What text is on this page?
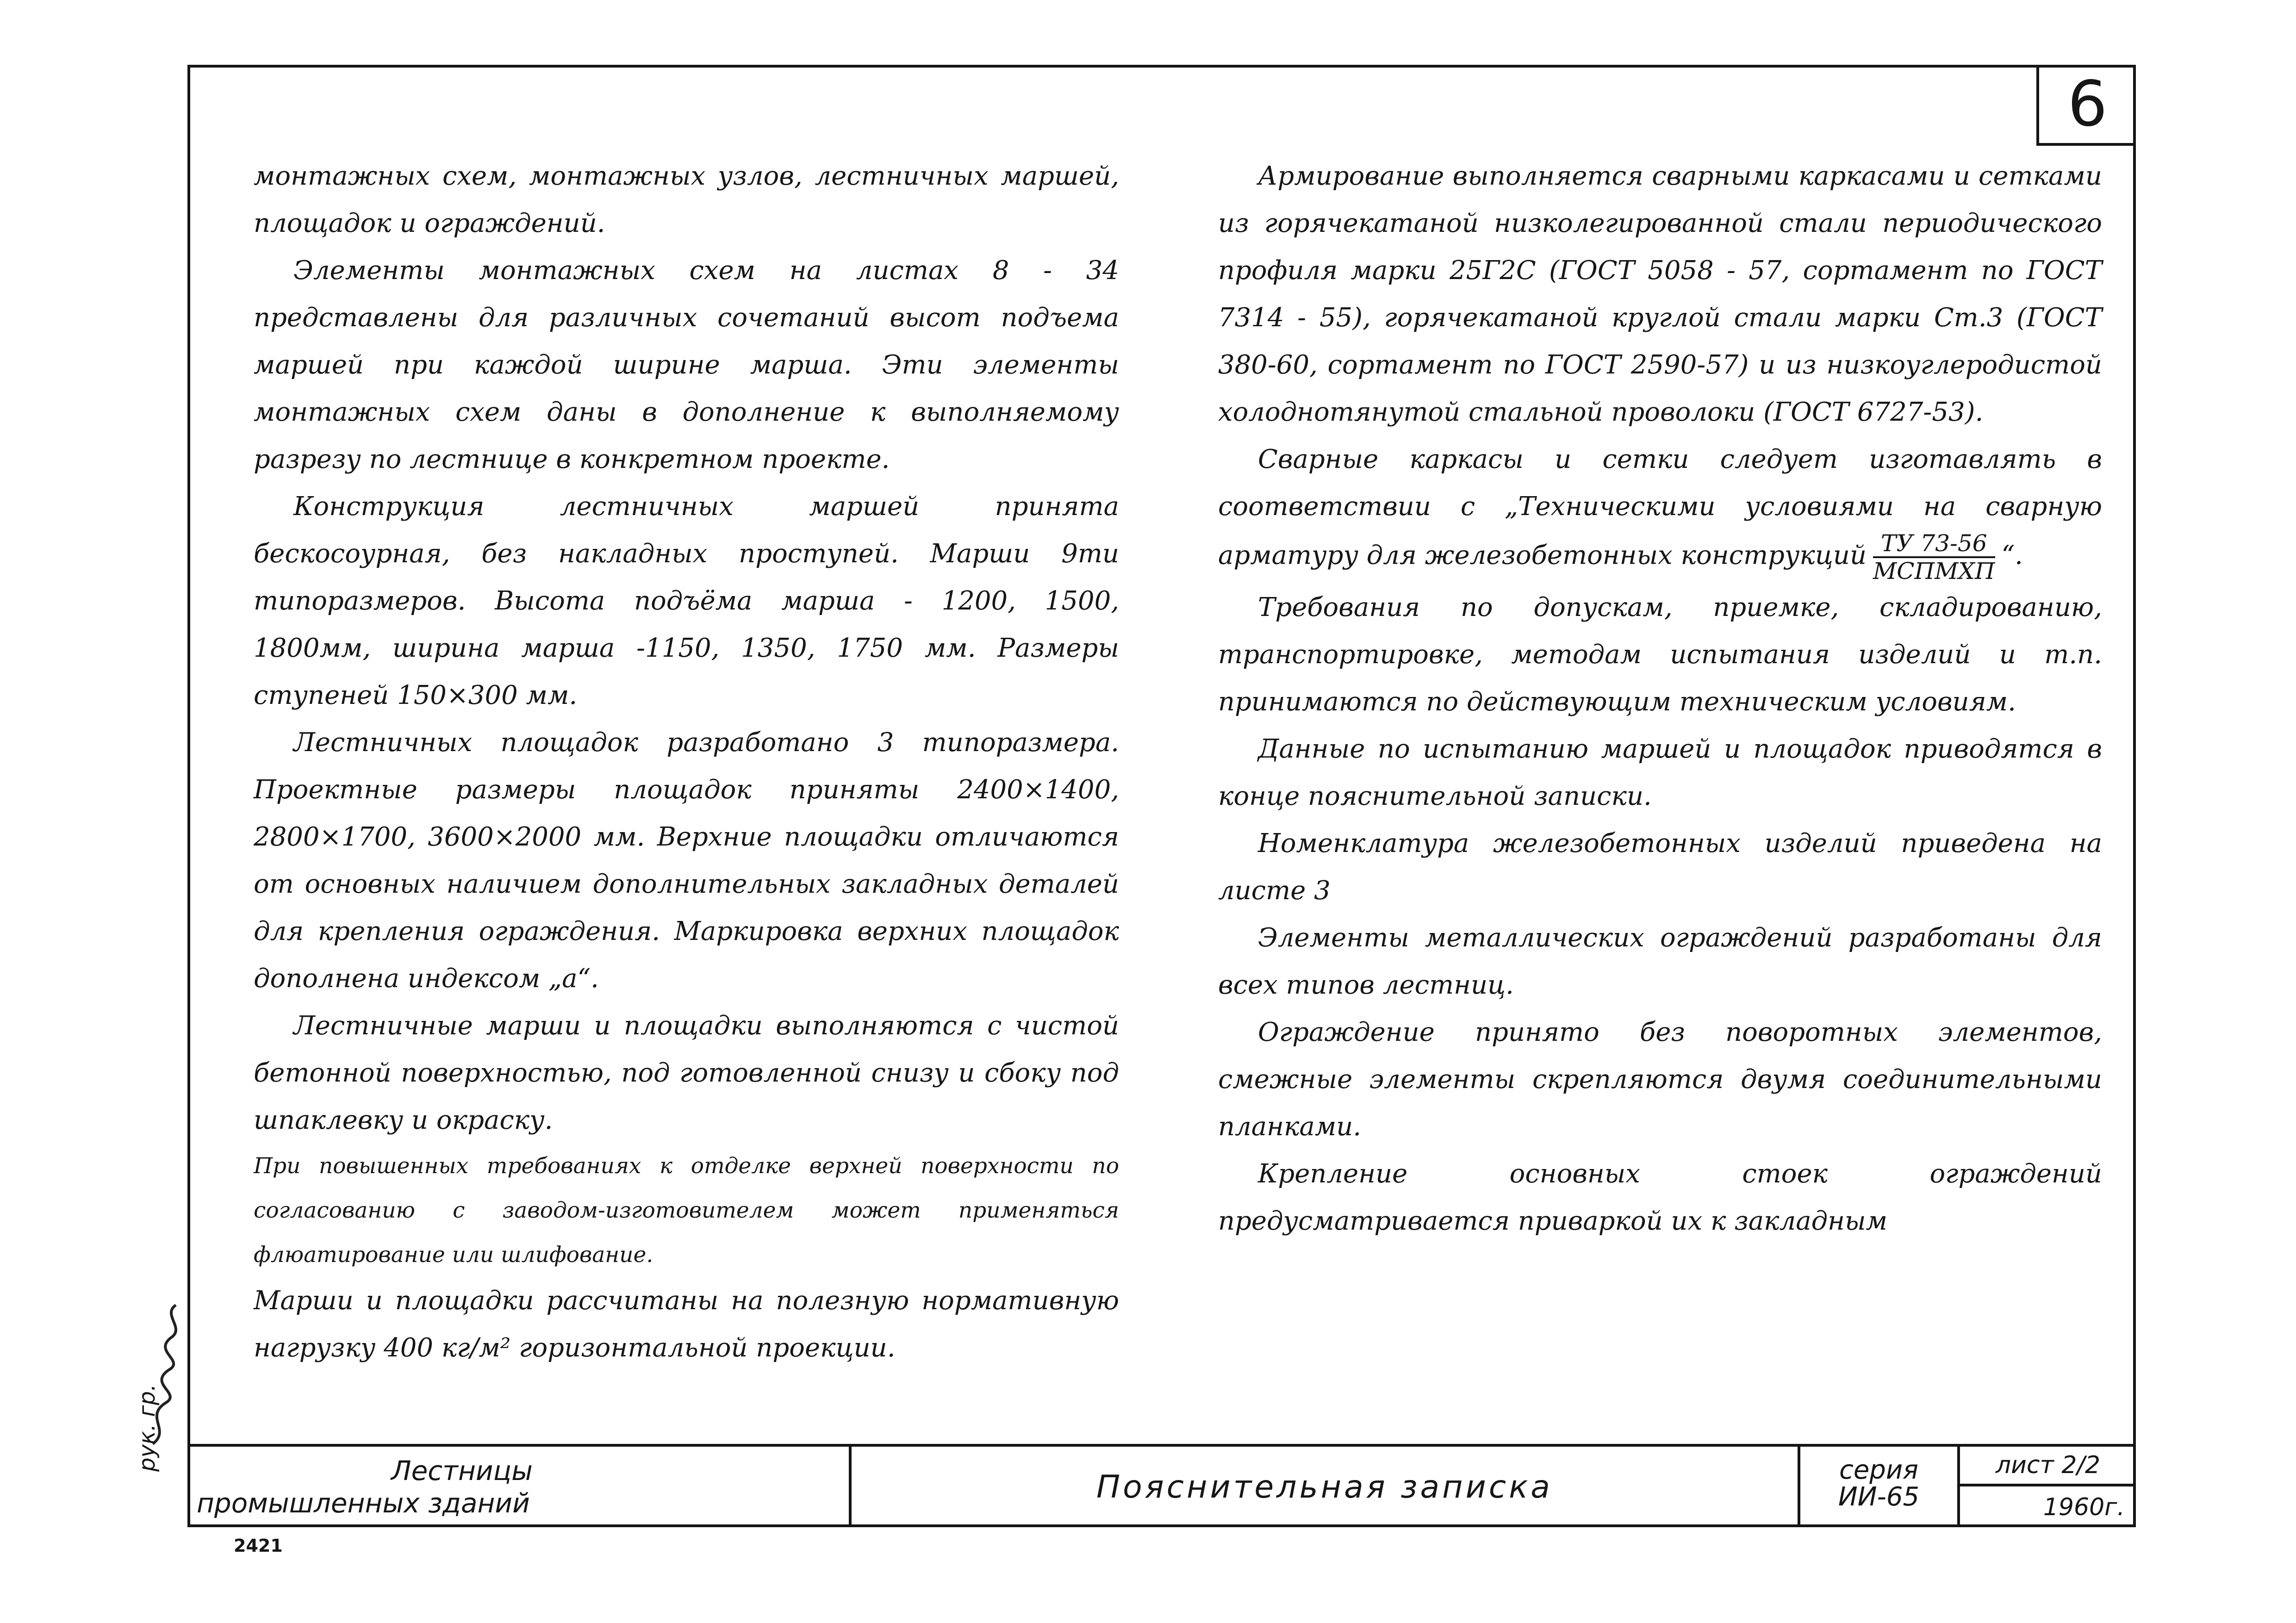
6

монтажных схем, монтажных узлов, лестничных маршей, площадок и ограждений.

Элементы монтажных схем на листах 8 - 34 представлены для различных сочетаний высот подъема маршей при каждой ширине марша. Эти элементы монтажных схем даны в дополнение к выполняемому разрезу по лестнице в конкретном проекте.

Конструкция лестничных маршей принята бескосоурная, без накладных проступей. Марши 9ти типоразмеров. Высота подъёма марша - 1200, 1500, 1800мм, ширина марша -1150, 1350, 1750 мм. Размеры ступеней 150×300 мм.

Лестничных площадок разработано 3 типоразмера. Проектные размеры площадок приняты 2400×1400, 2800×1700, 3600×2000 мм. Верхние площадки отличаются от основных наличием дополнительных закладных деталей для крепления ограждения. Маркировка верхних площадок дополнена индексом „а“.

Лестничные марши и площадки выполняются с чистой бетонной поверхностью, под готовленной снизу и сбоку под шпаклевку и окраску.

При повышенных требованиях к отделке верхней поверхности по согласованию с заводом-изготовителем может применяться флюатирование или шлифование.

Марши и площадки рассчитаны на полезную нормативную нагрузку 400 кг/м² горизонтальной проекции.

Армирование выполняется сварными каркасами и сетками из горячекатаной низколегированной стали периодического профиля марки 25Г2С (ГОСТ 5058 - 57, сортамент по ГОСТ 7314 - 55), горячекатаной круглой стали марки Ст.3 (ГОСТ 380-60, сортамент по ГОСТ 2590-57) и из низкоуглеродистой холоднотянутой стальной проволоки (ГОСТ 6727-53).

Сварные каркасы и сетки следует изготавлять в соответствии с „Техническими условиями на сварную арматуру для железобетонных конструкций $\frac{ТУ 73-56}{\text{МСПМХП}}$ “.

Требования по допускам, приемке, складированию, транспортировке, методам испытания изделий и т.п. принимаются по действующим техническим условиям.

Данные по испытанию маршей и площадок приводятся в конце пояснительной записки.

Номенклатура железобетонных изделий приведена на листе 3

Элементы металлических ограждений разработаны для всех типов лестниц.

Ограждение принято без поворотных элементов, смежные элементы скрепляются двумя соединительными планками.

Крепление основных стоек ограждений предусматривается приваркой их к закладным

Лестницы
промышленных зданий	Пояснительная записка	серия
ИИ-65
лист 2/2
1960г.
рук. гр.
2421
